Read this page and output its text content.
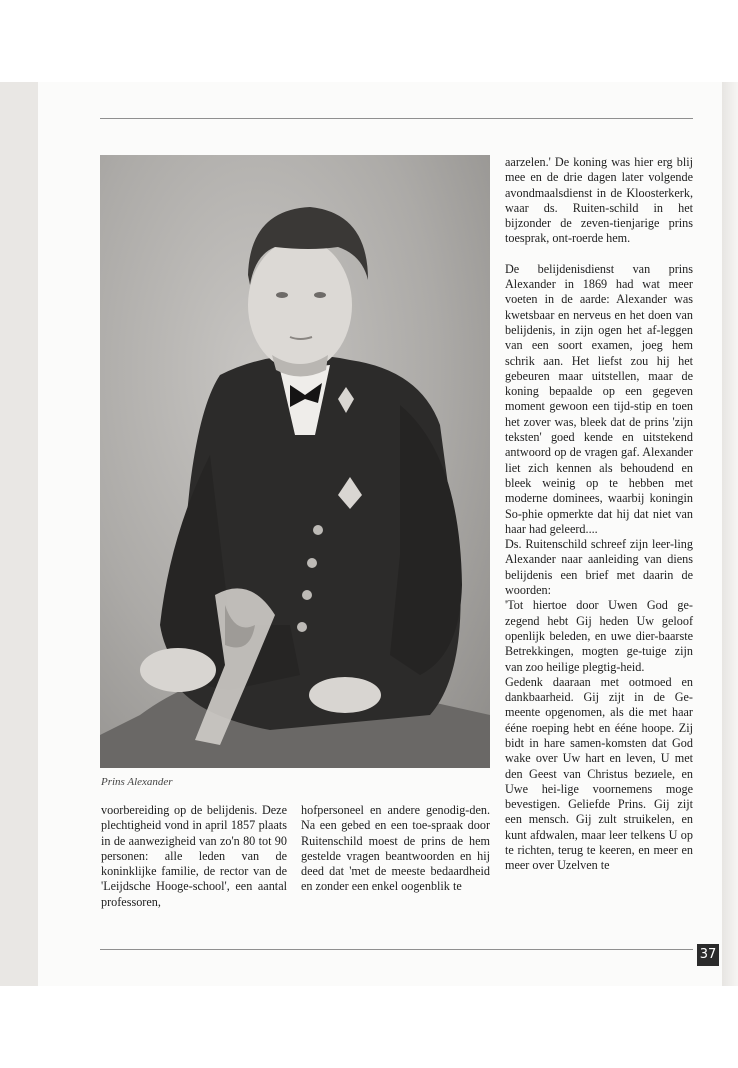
Prins Alexander

voorbereiding op de belijdenis. Deze plechtigheid vond in april 1857 plaats in de aanwezigheid van zo'n 80 tot 90 personen: alle leden van de koninklijke familie, de rector van de 'Leijdsche Hooge-school', een aantal professoren,

hofpersoneel en andere genodig-den. Na een gebed en een toe-spraak door Ruitenschild moest de prins de hem gestelde vragen beantwoorden en hij deed dat 'met de meeste bedaardheid en zonder een enkel oogenblik te

aarzelen.' De koning was hier erg blij mee en de drie dagen later volgende avondmaalsdienst in de Kloosterkerk, waar ds. Ruiten-schild in het bijzonder de zeven-tienjarige prins toesprak, ont-roerde hem.

De belijdenisdienst van prins Alexander in 1869 had wat meer voeten in de aarde: Alexander was kwetsbaar en nerveus en het doen van belijdenis, in zijn ogen het af-leggen van een soort examen, joeg hem schrik aan. Het liefst zou hij het gebeuren maar uitstellen, maar de koning bepaalde op een gegeven moment gewoon een tijd-stip en toen het zover was, bleek dat de prins 'zijn teksten' goed kende en uitstekend antwoord op de vragen gaf. Alexander liet zich kennen als behoudend en bleek weinig op te hebben met moderne dominees, waarbij koningin So-phie opmerkte dat hij dat niet van haar had geleerd....

Ds. Ruitenschild schreef zijn leer-ling Alexander naar aanleiding van diens belijdenis een brief met daarin de woorden:

'Tot hiertoe door Uwen God ge-zegend hebt Gij heden Uw geloof openlijk beleden, en uwe dier-baarste Betrekkingen, mogten ge-tuige zijn van zoo heilige plegtig-heid.

Gedenk daaraan met ootmoed en dankbaarheid. Gij zijt in de Ge-meente opgenomen, als die met haar ééne roeping hebt en ééne hoope. Zij bidt in hare samen-komsten dat God wake over Uw hart en leven, U met den Geest van Christus bezиele, en Uwe hei-lige voornemens moge bevestigen. Geliefde Prins. Gij zijt een mensch. Gij zult struikelen, en kunt afdwalen, maar leer telkens U op te richten, terug te keeren, en meer en meer over Uzelven te

37
